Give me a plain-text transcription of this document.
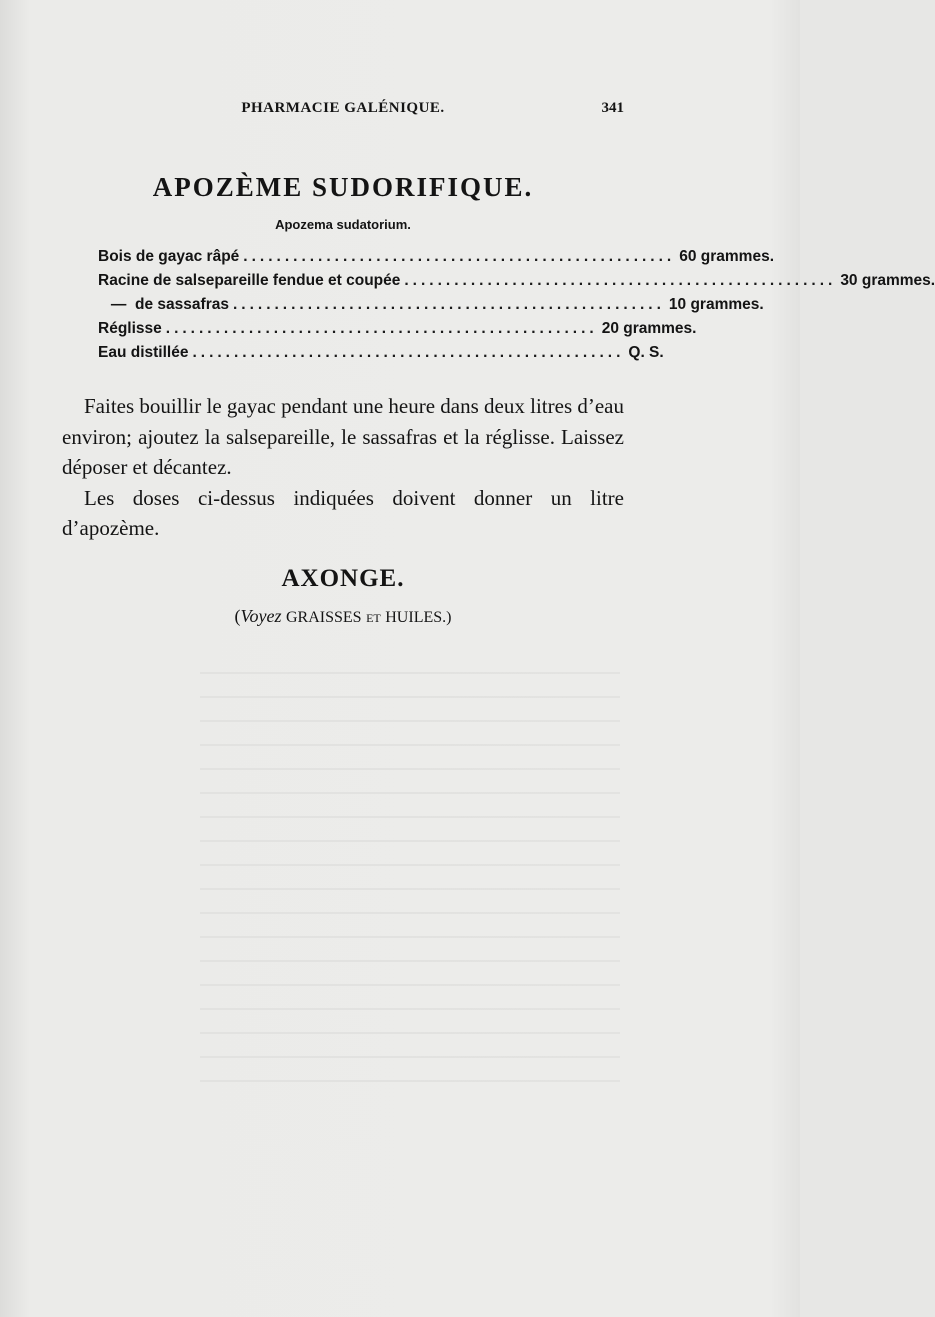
PHARMACIE GALÉNIQUE.	341
APOZÈME SUDORIFIQUE.
Apozema sudatorium.
Bois de gayac râpé .................................................... 60 grammes.
Racine de salsepareille fendue et coupée .................................................... 30 grammes.
—  de sassafras .................................................... 10 grammes.
Réglisse .................................................... 20 grammes.
Eau distillée .................................................... Q. S.

Faites bouillir le gayac pendant une heure dans deux litres d’eau environ; ajoutez la salsepareille, le sassafras et la réglisse. Laissez déposer et décantez.

Les doses ci-dessus indiquées doivent donner un litre d’apozème.

AXONGE.
(Voyez GRAISSES ET HUILES.)
